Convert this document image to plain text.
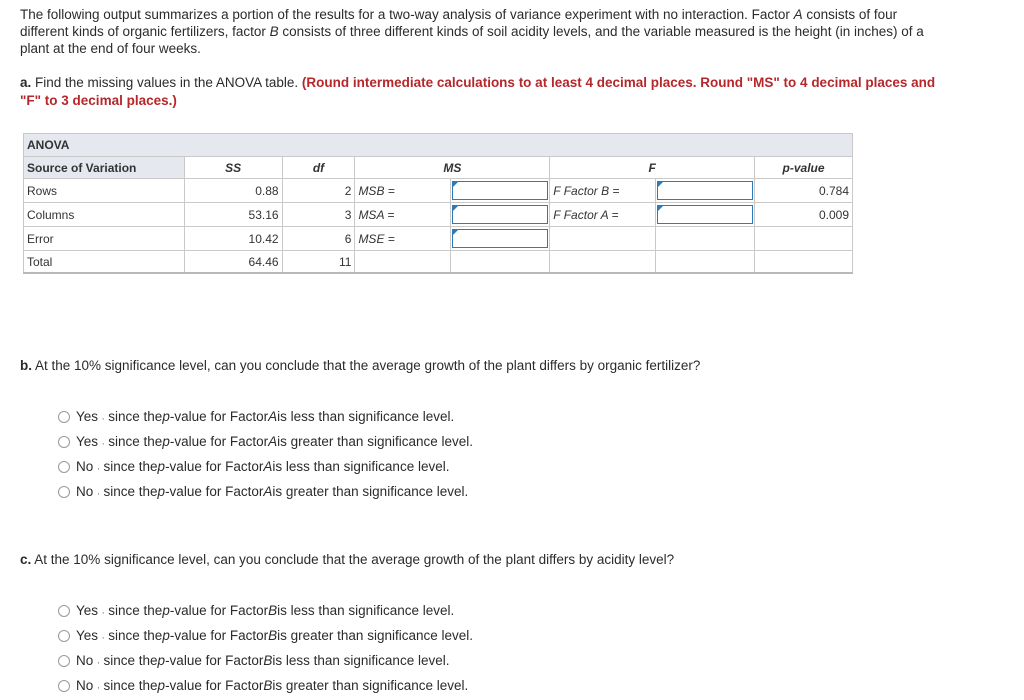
The following output summarizes a portion of the results for a two-way analysis of variance experiment with no interaction. Factor A consists of four different kinds of organic fertilizers, factor B consists of three different kinds of soil acidity levels, and the variable measured is the height (in inches) of a plant at the end of four weeks.
a. Find the missing values in the ANOVA table. (Round intermediate calculations to at least 4 decimal places. Round "MS" to 4 decimal places and "F" to 3 decimal places.)
ANOVA							
Source of Variation	SS	df	MS		F		p-value
Rows	0.88	2	MSB =		F Factor B =		0.784
Columns	53.16	3	MSA =		F Factor A =		0.009
Error	10.42	6	MSE =	

Total	64.46	11					
b. At the 10% significance level, can you conclude that the average growth of the plant differs by organic fertilizer?
Yes , since the p -value for Factor A is less than significance level.
Yes , since the p -value for Factor A is greater than significance level.
No , since the p -value for Factor A is less than significance level.
No , since the p -value for Factor A is greater than significance level.
c. At the 10% significance level, can you conclude that the average growth of the plant differs by acidity level?
Yes , since the p -value for Factor B is less than significance level.
Yes , since the p -value for Factor B is greater than significance level.
No , since the p -value for Factor B is less than significance level.
No , since the p -value for Factor B is greater than significance level.
